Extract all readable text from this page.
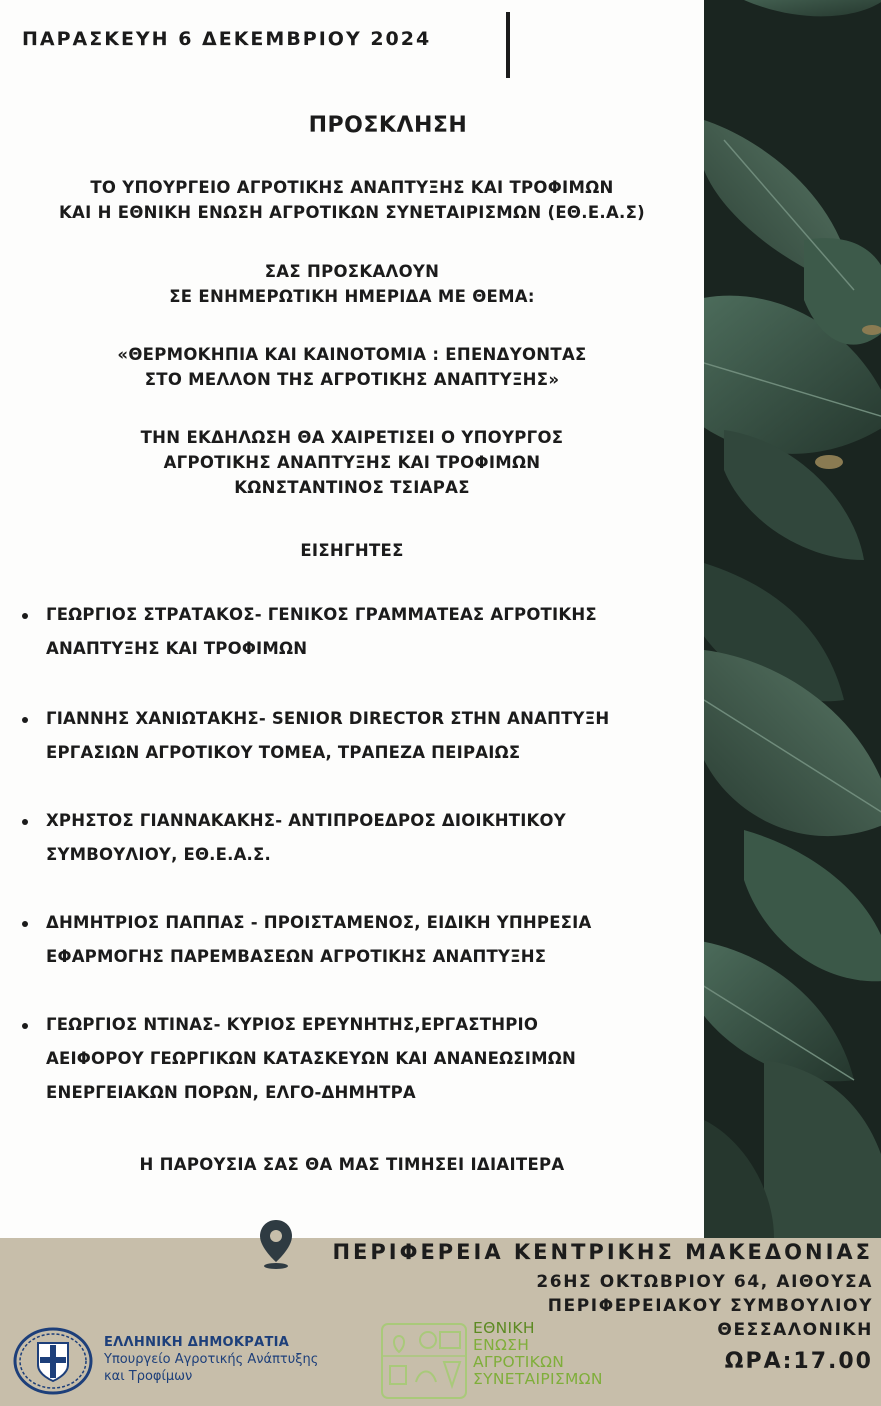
ΠΑΡΑΣΚΕΥΗ 6 ΔΕΚΕΜΒΡΙΟΥ 2024
ΠΡΟΣΚΛΗΣΗ
ΤΟ ΥΠΟΥΡΓΕΙΟ ΑΓΡΟΤΙΚΗΣ ΑΝΑΠΤΥΞΗΣ ΚΑΙ ΤΡΟΦΙΜΩΝ
ΚΑΙ Η ΕΘΝΙΚΗ ΕΝΩΣΗ ΑΓΡΟΤΙΚΩΝ ΣΥΝΕΤΑΙΡΙΣΜΩΝ (ΕΘ.Ε.Α.Σ)
ΣΑΣ ΠΡΟΣΚΑΛΟΥΝ
ΣΕ ΕΝΗΜΕΡΩΤΙΚΗ ΗΜΕΡΙΔΑ ΜΕ ΘΕΜΑ:
«ΘΕΡΜΟΚΗΠΙΑ ΚΑΙ ΚΑΙΝΟΤΟΜΙΑ : ΕΠΕΝΔΥΟΝΤΑΣ
ΣΤΟ ΜΕΛΛΟΝ ΤΗΣ ΑΓΡΟΤΙΚΗΣ ΑΝΑΠΤΥΞΗΣ»
ΤΗΝ ΕΚΔΗΛΩΣΗ ΘΑ ΧΑΙΡΕΤΙΣΕΙ Ο ΥΠΟΥΡΓΟΣ
ΑΓΡΟΤΙΚΗΣ ΑΝΑΠΤΥΞΗΣ ΚΑΙ ΤΡΟΦΙΜΩΝ
ΚΩΝΣΤΑΝΤΙΝΟΣ ΤΣΙΑΡΑΣ
ΕΙΣΗΓΗΤΕΣ
ΓΕΩΡΓΙΟΣ ΣΤΡΑΤΑΚΟΣ- ΓΕΝΙΚΟΣ ΓΡΑΜΜΑΤΕΑΣ ΑΓΡΟΤΙΚΗΣ
ΑΝΑΠΤΥΞΗΣ ΚΑΙ ΤΡΟΦΙΜΩΝ
ΓΙΑΝΝΗΣ ΧΑΝΙΩΤΑΚΗΣ- SENIOR DIRECTOR ΣΤΗΝ ΑΝΑΠΤΥΞΗ
ΕΡΓΑΣΙΩΝ ΑΓΡΟΤΙΚΟΥ ΤΟΜΕΑ, ΤΡΑΠΕΖΑ ΠΕΙΡΑΙΩΣ
ΧΡΗΣΤΟΣ ΓΙΑΝΝΑΚΑΚΗΣ- ΑΝΤΙΠΡΟΕΔΡΟΣ ΔΙΟΙΚΗΤΙΚΟΥ
ΣΥΜΒΟΥΛΙΟΥ, ΕΘ.Ε.Α.Σ.
ΔΗΜΗΤΡΙΟΣ ΠΑΠΠΑΣ - ΠΡΟΙΣΤΑΜΕΝΟΣ, ΕΙΔΙΚΗ ΥΠΗΡΕΣΙΑ
ΕΦΑΡΜΟΓΗΣ ΠΑΡΕΜΒΑΣΕΩΝ ΑΓΡΟΤΙΚΗΣ ΑΝΑΠΤΥΞΗΣ
ΓΕΩΡΓΙΟΣ ΝΤΙΝΑΣ- ΚΥΡΙΟΣ ΕΡΕΥΝΗΤΗΣ,ΕΡΓΑΣΤΗΡΙΟ
ΑΕΙΦΟΡΟΥ ΓΕΩΡΓΙΚΩΝ ΚΑΤΑΣΚΕΥΩΝ ΚΑΙ ΑΝΑΝΕΩΣΙΜΩΝ
ΕΝΕΡΓΕΙΑΚΩΝ ΠΟΡΩΝ, ΕΛΓΟ-ΔΗΜΗΤΡΑ
Η ΠΑΡΟΥΣΙΑ ΣΑΣ ΘΑ ΜΑΣ ΤΙΜΗΣΕΙ ΙΔΙΑΙΤΕΡΑ
ΠΕΡΙΦΕΡΕΙΑ ΚΕΝΤΡΙΚΗΣ ΜΑΚΕΔΟΝΙΑΣ
26ΗΣ ΟΚΤΩΒΡΙΟΥ 64, ΑΙΘΟΥΣΑ
ΠΕΡΙΦΕΡΕΙΑΚΟΥ ΣΥΜΒΟΥΛΙΟΥ
ΘΕΣΣΑΛΟΝΙΚΗ
ΩΡΑ:17.00
ΕΛΛΗΝΙΚΗ ΔΗΜΟΚΡΑΤΙΑ
Υπουργείο Αγροτικής Ανάπτυξης
και Τροφίμων
ΕΘΝΙΚΗ
ΕΝΩΣΗ
ΑΓΡΟΤΙΚΩΝ
ΣΥΝΕΤΑΙΡΙΣΜΩΝ
